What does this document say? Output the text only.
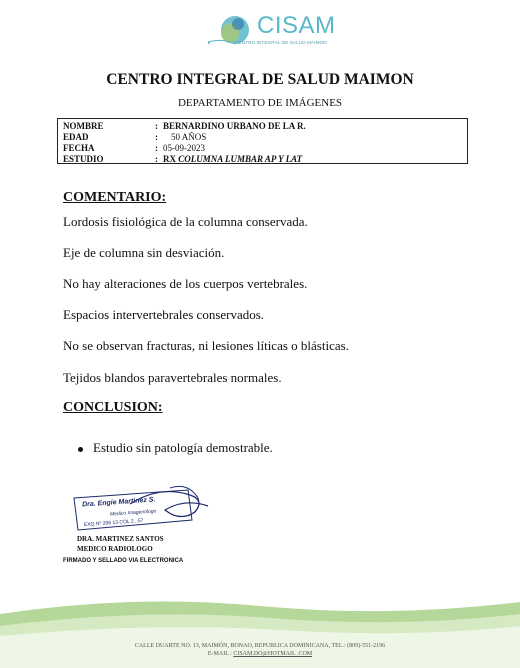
CISAM
CENTRO INTEGRAL DE SALUD MAIMON
CENTRO INTEGRAL DE SALUD MAIMON
DEPARTAMENTO DE IMÁGENES
NOMBRE	: BERNARDINO URBANO DE LA R.
EDAD	: 50 AÑOS
FECHA	: 05-09-2023
ESTUDIO	: RX COLUMNA LUMBAR AP Y LAT
COMENTARIO:
Lordosis fisiológica de la columna conservada.
Eje de columna sin desviación.
No hay alteraciones de los cuerpos vertebrales.
Espacios intervertebrales conservados.
No se observan fracturas, ni lesiones líticas o blásticas.
Tejidos blandos paravertebrales normales.
CONCLUSION:
Estudio sin patología demostrable.
Dra. Engie Martinez S.
Medico Imagenólogo
EXQ Nº 206 13 COL 2...57
DRA. MARTINEZ SANTOS
MEDICO RADIOLOGO
FIRMADO Y SELLADO VIA ELECTRONICA
CALLE DUARTE NO. 13, MAIMÓN, BONAO, REPUBLICA DOMINICANA, TEL.: (809)-551-2196
E-MAIL : CISAM.DO@HOTMAIL .COM
